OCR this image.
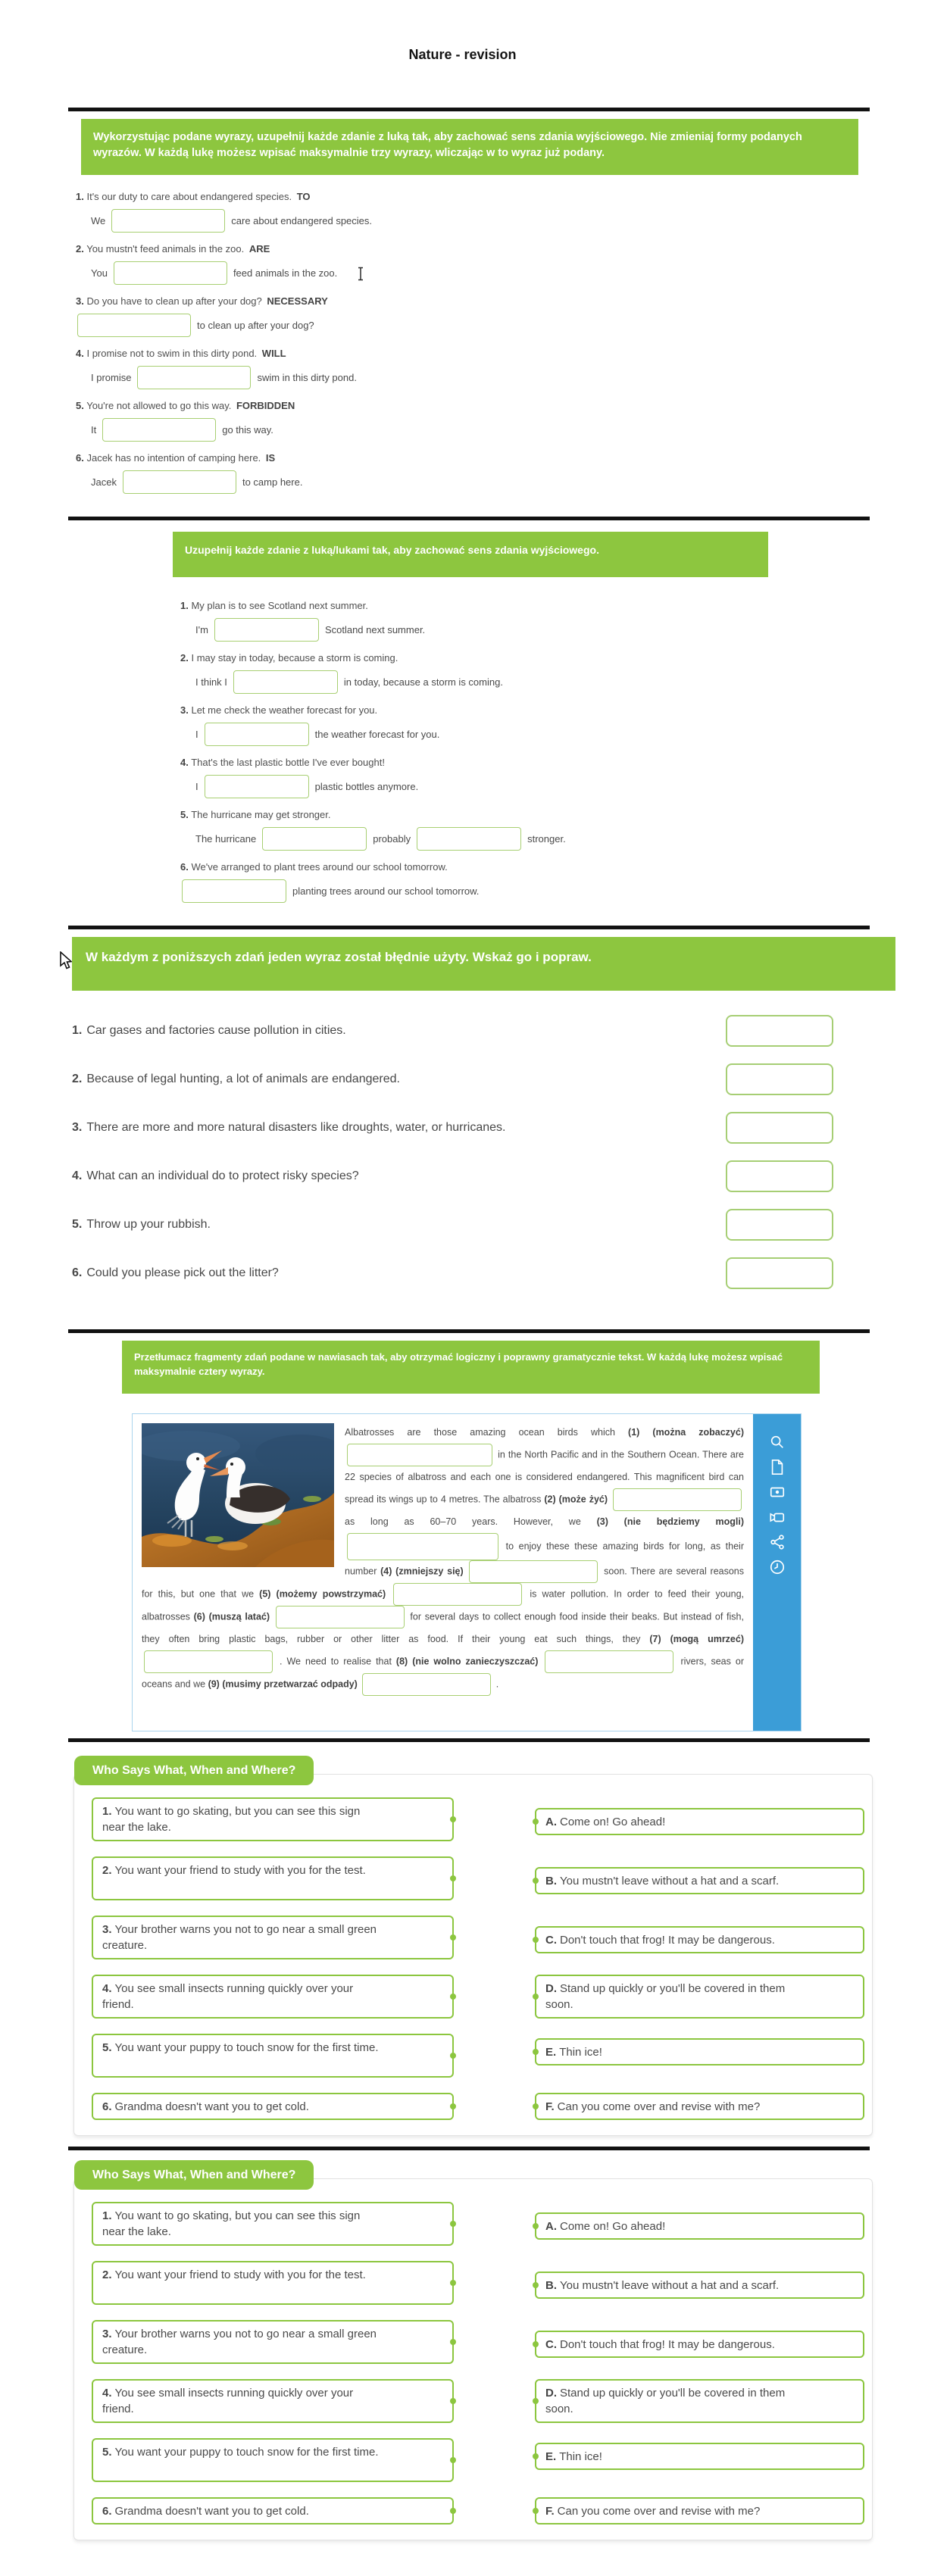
Nature - revision
Wykorzystując podane wyrazy, uzupełnij każde zdanie z luką tak, aby zachować sens zdania wyjściowego. Nie zmieniaj formy podanych wyrazów. W każdą lukę możesz wpisać maksymalnie trzy wyrazy, wliczając w to wyraz już podany.
1. It's our duty to care about endangered species. TO
We	care about endangered species.
2. You mustn't feed animals in the zoo. ARE
You	feed animals in the zoo.
3. Do you have to clean up after your dog? NECESSARY
to clean up after your dog?
4. I promise not to swim in this dirty pond. WILL
I promise	swim in this dirty pond.
5. You're not allowed to go this way. FORBIDDEN
It	go this way.
6. Jacek has no intention of camping here. IS
Jacek	to camp here.
Uzupełnij każde zdanie z luką/lukami tak, aby zachować sens zdania wyjściowego.
1. My plan is to see Scotland next summer.
I'm	Scotland next summer.
2. I may stay in today, because a storm is coming.
I think I	in today, because a storm is coming.
3. Let me check the weather forecast for you.
I	the weather forecast for you.
4. That's the last plastic bottle I've ever bought!
I	plastic bottles anymore.
5. The hurricane may get stronger.
The hurricane	probably	stronger.
6. We've arranged to plant trees around our school tomorrow.
planting trees around our school tomorrow.
W każdym z poniższych zdań jeden wyraz został błędnie użyty. Wskaż go i popraw.
1. Car gases and factories cause pollution in cities.
2. Because of legal hunting, a lot of animals are endangered.
3. There are more and more natural disasters like droughts, water, or hurricanes.
4. What can an individual do to protect risky species?
5. Throw up your rubbish.
6. Could you please pick out the litter?
Przetłumacz fragmenty zdań podane w nawiasach tak, aby otrzymać logiczny i poprawny gramatycznie tekst. W każdą lukę możesz wpisać maksymalnie cztery wyrazy.
Albatrosses are those amazing ocean birds which (1) (można zobaczyć)  in the North Pacific and in the Southern Ocean. There are 22 species of albatross and each one is considered endangered. This magnificent bird can spread its wings up to 4 metres. The albatross (2) (może żyć)  as long as 60–70 years. However, we (3) (nie będziemy mogli)  to enjoy these these amazing birds for long, as their number (4) (zmniejszy się)	soon. There are several reasons for this, but one that we (5) (możemy powstrzymać)	is water pollution. In order to feed their young, albatrosses (6) (muszą latać)	for several days to collect enough food inside their beaks. But instead of fish, they often bring plastic bags, rubber or other litter as food. If their young eat such things, they (7) (mogą umrzeć)  . We need to realise that (8) (nie wolno zanieczyszczać)	rivers, seas or oceans and we (9) (musimy przetwarzać odpady)	.
Who Says What, When and Where?
1. You want to go skating, but you can see this sign near the lake.
2. You want your friend to study with you for the test.
3. Your brother warns you not to go near a small green creature.
4. You see small insects running quickly over your friend.
5. You want your puppy to touch snow for the first time.
6. Grandma doesn't want you to get cold.
A. Come on! Go ahead!
B. You mustn't leave without a hat and a scarf.
C. Don't touch that frog! It may be dangerous.
D. Stand up quickly or you'll be covered in them soon.
E. Thin ice!
F. Can you come over and revise with me?
Who Says What, When and Where?
1. You want to go skating, but you can see this sign near the lake.
2. You want your friend to study with you for the test.
3. Your brother warns you not to go near a small green creature.
4. You see small insects running quickly over your friend.
5. You want your puppy to touch snow for the first time.
6. Grandma doesn't want you to get cold.
A. Come on! Go ahead!
B. You mustn't leave without a hat and a scarf.
C. Don't touch that frog! It may be dangerous.
D. Stand up quickly or you'll be covered in them soon.
E. Thin ice!
F. Can you come over and revise with me?
